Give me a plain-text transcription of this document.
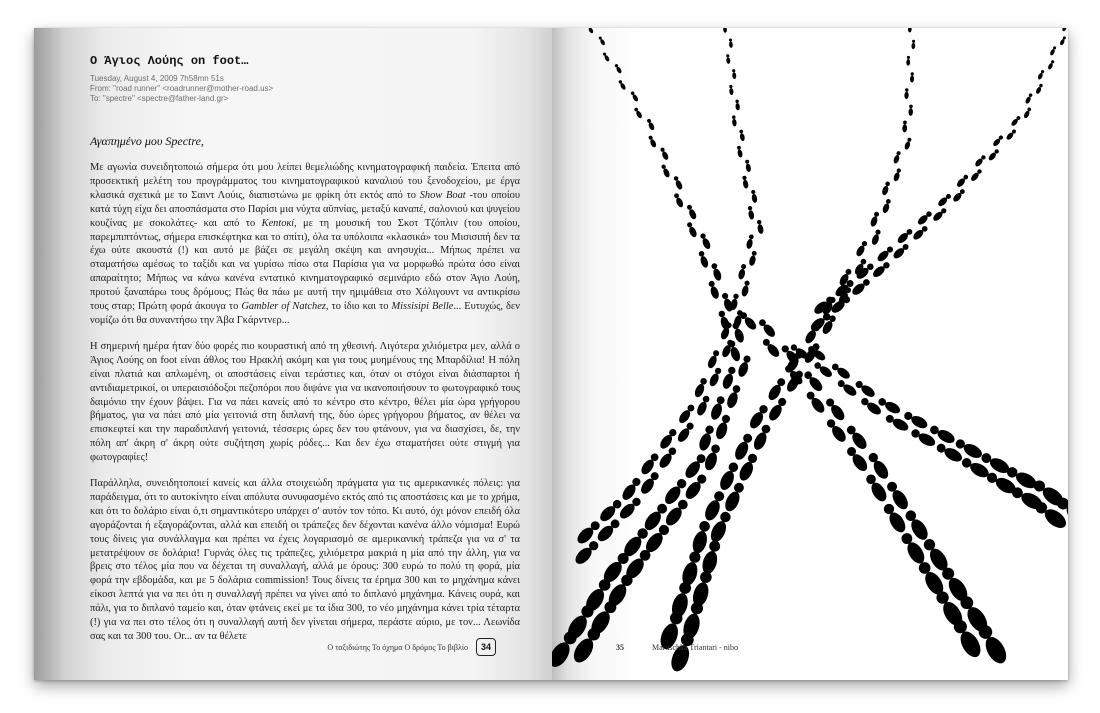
Ο Άγιος Λούης on foot…
Tuesday, August 4, 2009 7h58mn 51s
From: "road runner" <roadrunner@mother-road.us>
To: "spectre" <spectre@father-land.gr>
Αγαπημένο μου Spectre,

Με αγωνία συνειδητοποιώ σήμερα ότι μου λείπει θεμελιώδης κινηματογραφική παιδεία. Έπειτα από προσεκτική μελέτη του προγράμματος του κινηματογραφικού καναλιού του ξενοδοχείου, με έργα κλασικά σχετικά με το Σαιντ Λούις, διαπιστώνω με φρίκη ότι εκτός από το Show Boat -του οποίου κατά τύχη είχα δει αποσπάσματα στο Παρίσι μια νύχτα αϋπνίας, μεταξύ καναπέ, σαλονιού και ψυγείου κουζίνας με σοκολάτες- και από το Kentoĸí, με τη μουσική του Σκοτ Τζόπλιν (του οποίου, παρεμπιπτόντως, σήμερα επισκέφτηκα και το σπίτι), όλα τα υπόλοιπα «κλασικά» του Μισισιπή δεν τα έχω ούτε ακουστά (!) και αυτό με βάζει σε μεγάλη σκέψη και ανησυχία... Μήπως πρέπει να σταματήσω αμέσως το ταξίδι και να γυρίσω πίσω στα Παρίσια για να μορφωθώ πρώτα όσο είναι απαραίτητο; Μήπως να κάνω κανένα εντατικό κινηματογραφικό σεμινάριο εδώ στον Άγιο Λούη, προτού ξαναπάρω τους δρόμους; Πώς θα πάω με αυτή την ημιμάθεια στο Χόλιγουντ να αντικρίσω τους σταρ; Πρώτη φορά άκουγα το Gambler of Natchez, το ίδιο και το Missisipi Belle... Ευτυχώς, δεν νομίζω ότι θα συναντήσω την Άβα Γκάρντνερ...

Η σημερινή ημέρα ήταν δύο φορές πιο κουραστική από τη χθεσινή. Λιγότερα χιλιόμετρα μεν, αλλά ο Άγιος Λούης on foot είναι άθλος του Ηρακλή ακόμη και για τους μυημένους της Μπαρδίλια! Η πόλη είναι πλατιά και απλωμένη, οι αποστάσεις είναι τεράστιες και, όταν οι στόχοι είναι διάσπαρτοι ή αντιδιαμετρικοί, οι υπεραισιόδοξοι πεζοπόροι που διψάνε για να ικανοποιήσουν το φωτογραφικό τους δαιμόνιο την έχουν βάψει. Για να πάει κανείς από το κέντρο στο κέντρο, θέλει μία ώρα γρήγορου βήματος, για να πάει από μία γειτονιά στη διπλανή της, δύο ώρες γρήγορου βήματος, αν θέλει να επισκεφτεί και την παραδιπλανή γειτονιά, τέσσερις ώρες δεν του φτάνουν, για να διασχίσει, δε, την πόλη απ' άκρη σ' άκρη ούτε συζήτηση χωρίς ρόδες... Και δεν έχω σταματήσει ούτε στιγμή για φωτογραφίες!

Παράλληλα, συνειδητοποιεί κανείς και άλλα στοιχειώδη πράγματα για τις αμερικανικές πόλεις: για παράδειγμα, ότι το αυτοκίνητο είναι απόλυτα συνυφασμένο εκτός από τις αποστάσεις και με το χρήμα, και ότι το δολάριο είναι ό,τι σημαντικότερο υπάρχει σ' αυτόν τον τόπο. Κι αυτό, όχι μόνον επειδή όλα αγοράζονται ή εξαγοράζονται, αλλά και επειδή οι τράπεζες δεν δέχονται κανένα άλλο νόμισμα! Ευρώ τους δίνεις για συνάλλαγμα και πρέπει να έχεις λογαριασμό σε αμερικανική τράπεζα για να σ' τα μετατρέψουν σε δολάρια! Γυρνάς όλες τις τράπεζες, χιλιόμετρα μακριά η μία από την άλλη, για να βρεις στο τέλος μία που να δέχεται τη συναλλαγή, αλλά με όρους: 300 ευρώ το πολύ τη φορά, μία φορά την εβδομάδα, και με 5 δολάρια commission! Τους δίνεις τα έρημα 300 και το μηχάνημα κάνει είκοσι λεπτά για να πει ότι η συναλλαγή πρέπει να γίνει από το διπλανό μηχάνημα. Κάνεις ουρά, και πάλι, για το διπλανό ταμείο και, όταν φτάνεις εκεί με τα ίδια 300, το νέο μηχάνημα κάνει τρία τέταρτα (!) για να πει στο τέλος ότι η συναλλαγή αυτή δεν γίνεται σήμερα, περάστε αύριο, με τον... Λεωνίδα σας και τα 300 του. Οr... αν τα θέλετε

Ο ταξιδιώτης Το όχημα Ο δρόμος Το βιβλίο	34	35	Maruschka Triantari - nibo
